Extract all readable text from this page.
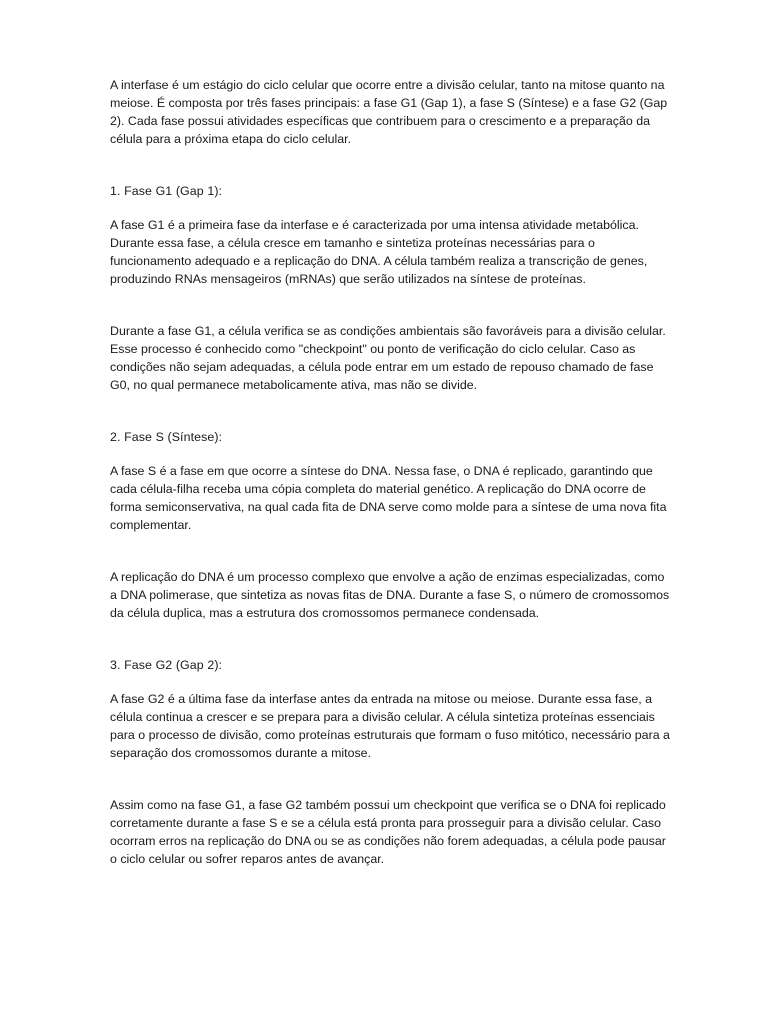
A interfase é um estágio do ciclo celular que ocorre entre a divisão celular, tanto na mitose quanto na meiose. É composta por três fases principais: a fase G1 (Gap 1), a fase S (Síntese) e a fase G2 (Gap 2). Cada fase possui atividades específicas que contribuem para o crescimento e a preparação da célula para a próxima etapa do ciclo celular.

1. Fase G1 (Gap 1):

A fase G1 é a primeira fase da interfase e é caracterizada por uma intensa atividade metabólica. Durante essa fase, a célula cresce em tamanho e sintetiza proteínas necessárias para o funcionamento adequado e a replicação do DNA. A célula também realiza a transcrição de genes, produzindo RNAs mensageiros (mRNAs) que serão utilizados na síntese de proteínas.

Durante a fase G1, a célula verifica se as condições ambientais são favoráveis para a divisão celular. Esse processo é conhecido como "checkpoint" ou ponto de verificação do ciclo celular. Caso as condições não sejam adequadas, a célula pode entrar em um estado de repouso chamado de fase G0, no qual permanece metabolicamente ativa, mas não se divide.

2. Fase S (Síntese):

A fase S é a fase em que ocorre a síntese do DNA. Nessa fase, o DNA é replicado, garantindo que cada célula-filha receba uma cópia completa do material genético. A replicação do DNA ocorre de forma semiconservativa, na qual cada fita de DNA serve como molde para a síntese de uma nova fita complementar.

A replicação do DNA é um processo complexo que envolve a ação de enzimas especializadas, como a DNA polimerase, que sintetiza as novas fitas de DNA. Durante a fase S, o número de cromossomos da célula duplica, mas a estrutura dos cromossomos permanece condensada.

3. Fase G2 (Gap 2):

A fase G2 é a última fase da interfase antes da entrada na mitose ou meiose. Durante essa fase, a célula continua a crescer e se prepara para a divisão celular. A célula sintetiza proteínas essenciais para o processo de divisão, como proteínas estruturais que formam o fuso mitótico, necessário para a separação dos cromossomos durante a mitose.

Assim como na fase G1, a fase G2 também possui um checkpoint que verifica se o DNA foi replicado corretamente durante a fase S e se a célula está pronta para prosseguir para a divisão celular. Caso ocorram erros na replicação do DNA ou se as condições não forem adequadas, a célula pode pausar o ciclo celular ou sofrer reparos antes de avançar.
